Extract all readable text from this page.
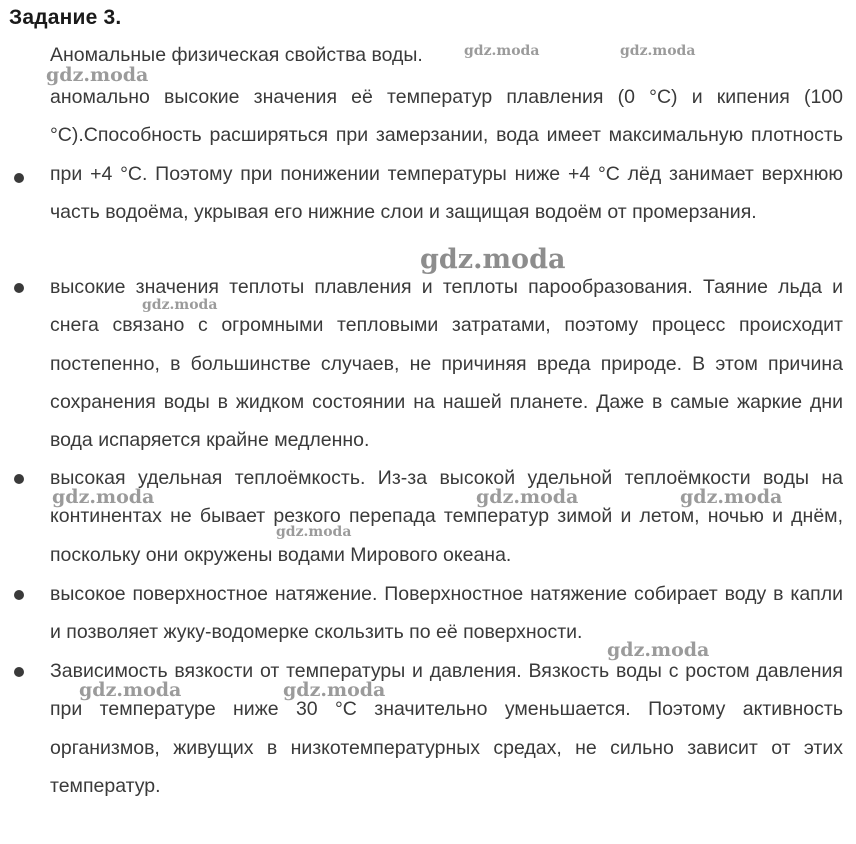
Задание 3.
Аномальные физическая свойства воды.

аномально высокие значения её температур плавления (0 °С) и кипения (100 °С).Способность расширяться при замерзании, вода имеет максимальную плотность при +4 °С. Поэтому при понижении температуры ниже +4 °С лёд занимает верхнюю часть водоёма, укрывая его нижние слои и защищая водоём от промерзания.

высокие значения теплоты плавления и теплоты парообразования. Таяние льда и снега связано с огромными тепловыми затратами, поэтому процесс происходит постепенно, в большинстве случаев, не причиняя вреда природе. В этом причина сохранения воды в жидком состоянии на нашей планете. Даже в самые жаркие дни вода испаряется крайне медленно.

высокая удельная теплоёмкость. Из-за высокой удельной теплоёмкости воды на континентах не бывает резкого перепада температур зимой и летом, ночью и днём, поскольку они окружены водами Мирового океана.

высокое поверхностное натяжение. Поверхностное натяжение собирает воду в капли и позволяет жуку-водомерке скользить по её поверхности.

Зависимость вязкости от температуры и давления. Вязкость воды с ростом давления при температуре ниже 30 °С значительно уменьшается. Поэтому активность организмов, живущих в низкотемпературных средах, не сильно зависит от этих температур.

gdz.moda	gdz.moda
gdz.moda
gdz.moda
gdz.moda
gdz.moda	gdz.moda	gdz.moda
gdz.moda
gdz.moda
gdz.moda	gdz.moda
